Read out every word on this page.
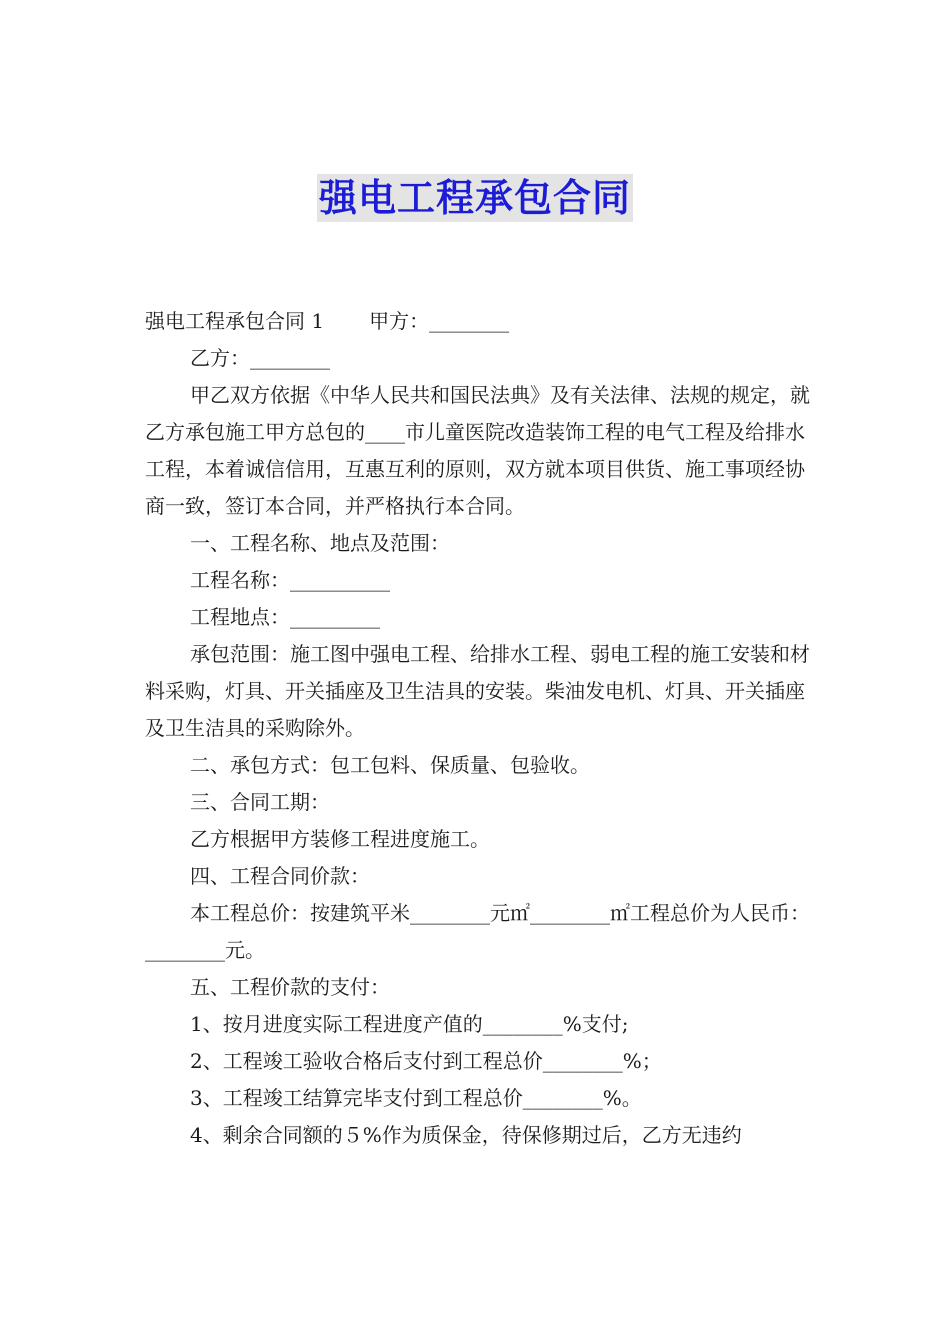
强电工程承包合同

强电工程承包合同 1 甲方：________

乙方：________

甲乙双方依据《中华人民共和国民法典》及有关法律、法规的规定，就乙方承包施工甲方总包的____市儿童医院改造装饰工程的电气工程及给排水工程，本着诚信信用，互惠互利的原则，双方就本项目供货、施工事项经协商一致，签订本合同，并严格执行本合同。

一、工程名称、地点及范围：

工程名称：__________

工程地点：_________

承包范围：施工图中强电工程、给排水工程、弱电工程的施工安装和材料采购，灯具、开关插座及卫生洁具的安装。柴油发电机、灯具、开关插座及卫生洁具的采购除外。

二、承包方式：包工包料、保质量、包验收。

三、合同工期：

乙方根据甲方装修工程进度施工。

四、工程合同价款：

本工程总价：按建筑平米________元㎡________㎡工程总价为人民币：________元。

五、工程价款的支付：

1、按月进度实际工程进度产值的________%支付;

2、工程竣工验收合格后支付到工程总价________%；

3、工程竣工结算完毕支付到工程总价________%。

4、剩余合同额的５%作为质保金，待保修期过后，乙方无违约
